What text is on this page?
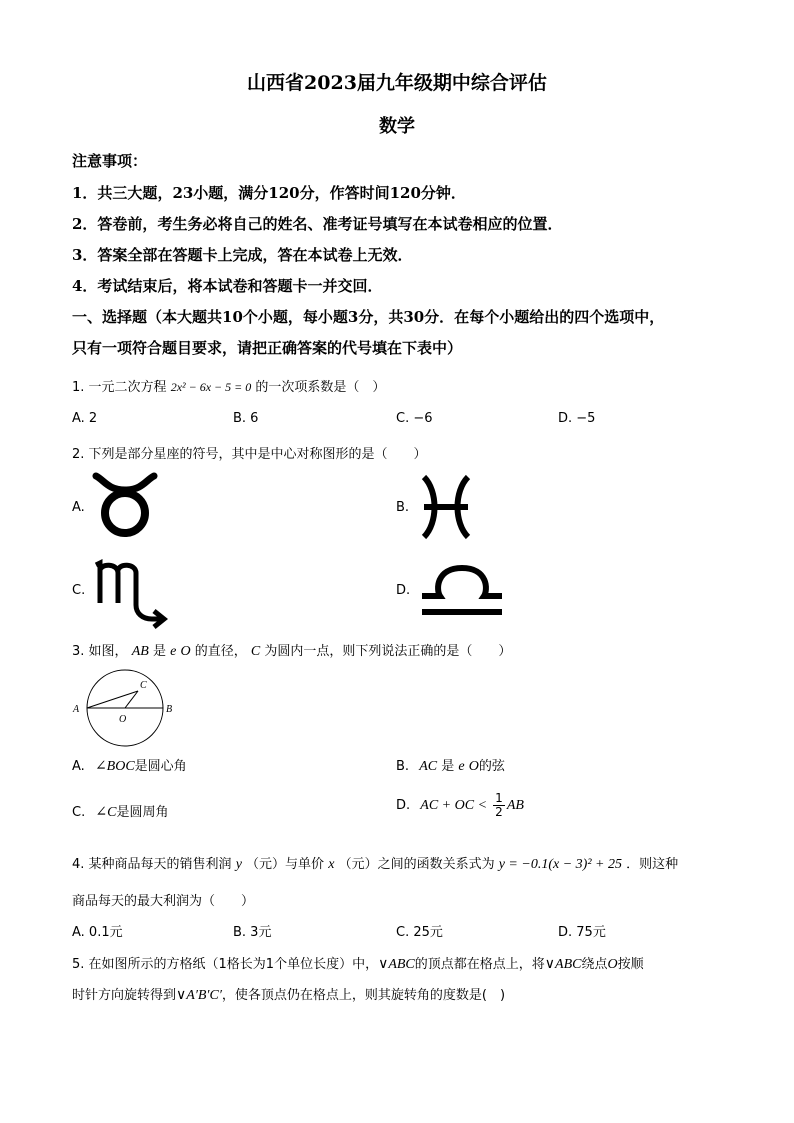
山西省2023届九年级期中综合评估
数学
注意事项：
1．共三大题，23小题，满分120分，作答时间120分钟．
2．答卷前，考生务必将自己的姓名、准考证号填写在本试卷相应的位置．
3．答案全部在答题卡上完成，答在本试卷上无效．
4．考试结束后，将本试卷和答题卡一并交回．
一、选择题（本大题共10个小题，每小题3分，共30分．在每个小题给出的四个选项中，
只有一项符合题目要求，请把正确答案的代号填在下表中）
1. 一元二次方程 2x² − 6x − 5 = 0 的一次项系数是（　）
A. 2	B. 6	C. −6	D. −5
2. 下列是部分星座的符号，其中是中心对称图形的是（　　）
A.	B.
C.	D.
3. 如图， AB 是 e O 的直径， C 为圆内一点，则下列说法正确的是（　　）
A	B
C
O
A. ∠BOC是圆心角	B. AC 是 e O的弦
C. ∠C是圆周角	D. AC + OC < $\frac{1}{2}$ AB
4. 某种商品每天的销售利润 y （元）与单价 x （元）之间的函数关系式为 y = −0.1(x − 3)² + 25 ．则这种
商品每天的最大利润为（　　）
A. 0.1元	B. 3元	C. 25元	D. 75元
5. 在如图所示的方格纸（1格长为1个单位长度）中，∨ABC的顶点都在格点上，将∨ABC绕点O按顺
时针方向旋转得到∨A′B′C′，使各顶点仍在格点上，则其旋转角的度数是(　)
